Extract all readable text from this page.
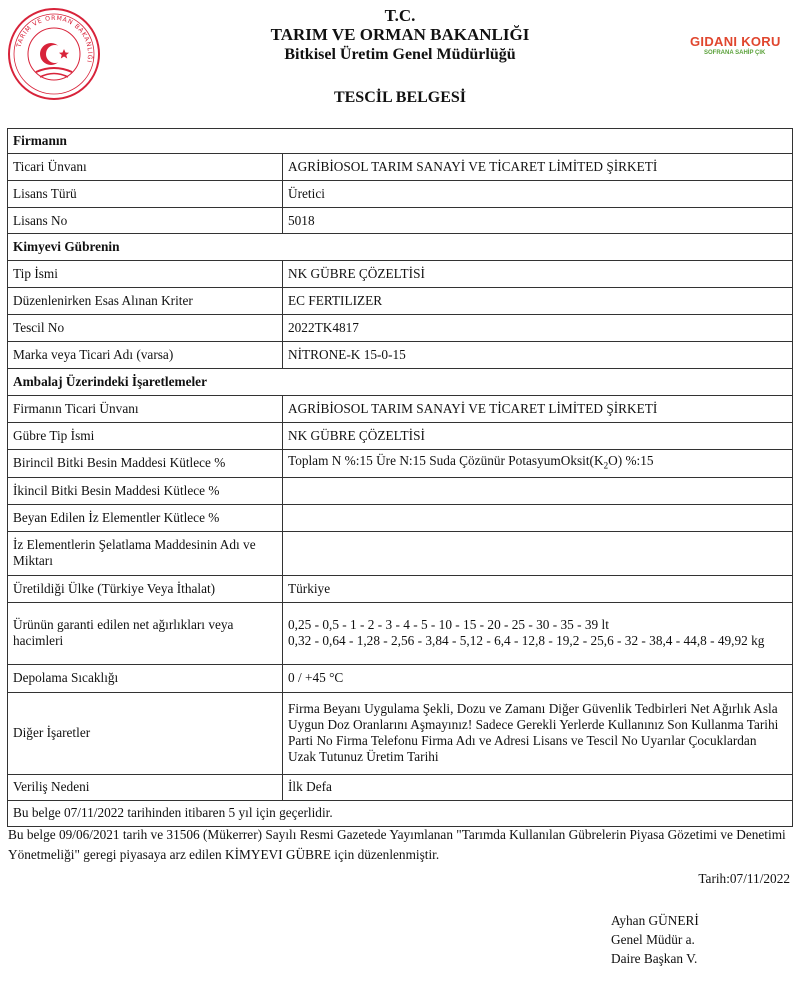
TARIM VE ORMAN BAKANLIĞI
T.C.
TARIM VE ORMAN BAKANLIĞI
Bitkisel Üretim Genel Müdürlüğü
GIDANI KORU
SOFRANA SAHİP ÇIK
TESCİL BELGESİ
Firmanın	
Ticari Ünvanı	AGRİBİOSOL TARIM SANAYİ VE TİCARET LİMİTED ŞİRKETİ
Lisans Türü	Üretici
Lisans No	5018
Kimyevi Gübrenin	
Tip İsmi	NK GÜBRE ÇÖZELTİSİ
Düzenlenirken Esas Alınan Kriter	EC FERTILIZER
Tescil No	2022TK4817
Marka veya Ticari Adı (varsa)	NİTRONE-K 15-0-15
Ambalaj Üzerindeki İşaretlemeler	
Firmanın Ticari Ünvanı	AGRİBİOSOL TARIM SANAYİ VE TİCARET LİMİTED ŞİRKETİ
Gübre Tip İsmi	NK GÜBRE ÇÖZELTİSİ
Birincil Bitki Besin Maddesi Kütlece %	Toplam N %:15 Üre N:15 Suda Çözünür $PotasyumOksit(K_2O)$ %:15
İkincil Bitki Besin Maddesi Kütlece %	
Beyan Edilen İz Elementler Kütlece %	
İz Elementlerin Şelatlama Maddesinin Adı ve Miktarı	
Üretildiği Ülke (Türkiye Veya İthalat)	Türkiye
Ürünün garanti edilen net ağırlıkları veya hacimleri	0,25 - 0,5 - 1 - 2 - 3 - 4 - 5 - 10 - 15 - 20 - 25 - 30 - 35 - 39 lt
0,32 - 0,64 - 1,28 - 2,56 - 3,84 - 5,12 - 6,4 - 12,8 - 19,2 - 25,6 - 32 - 38,4 - 44,8 - 49,92 kg

Depolama Sıcaklığı	0 / +45 °C
Diğer İşaretler	Firma Beyanı Uygulama Şekli, Dozu ve Zamanı Diğer Güvenlik Tedbirleri Net Ağırlık Asla Uygun Doz Oranlarını Aşmayınız! Sadece Gerekli Yerlerde Kullanınız Son Kullanma Tarihi Parti No Firma Telefonu Firma Adı ve Adresi Lisans ve Tescil No Uyarılar Çocuklardan Uzak Tutunuz Üretim Tarihi
Veriliş Nedeni	İlk Defa
Bu belge 07/11/2022 tarihinden itibaren 5 yıl için geçerlidir.	
Bu belge 09/06/2021 tarih ve 31506 (Mükerrer) Sayılı Resmi Gazetede Yayımlanan "Tarımda Kullanılan Gübrelerin Piyasa Gözetimi ve Denetimi Yönetmeliği" geregi piyasaya arz edilen KİMYEVI GÜBRE için düzenlenmiştir.
Tarih:07/11/2022
Ayhan GÜNERİ
Genel Müdür a.
Daire Başkan V.
